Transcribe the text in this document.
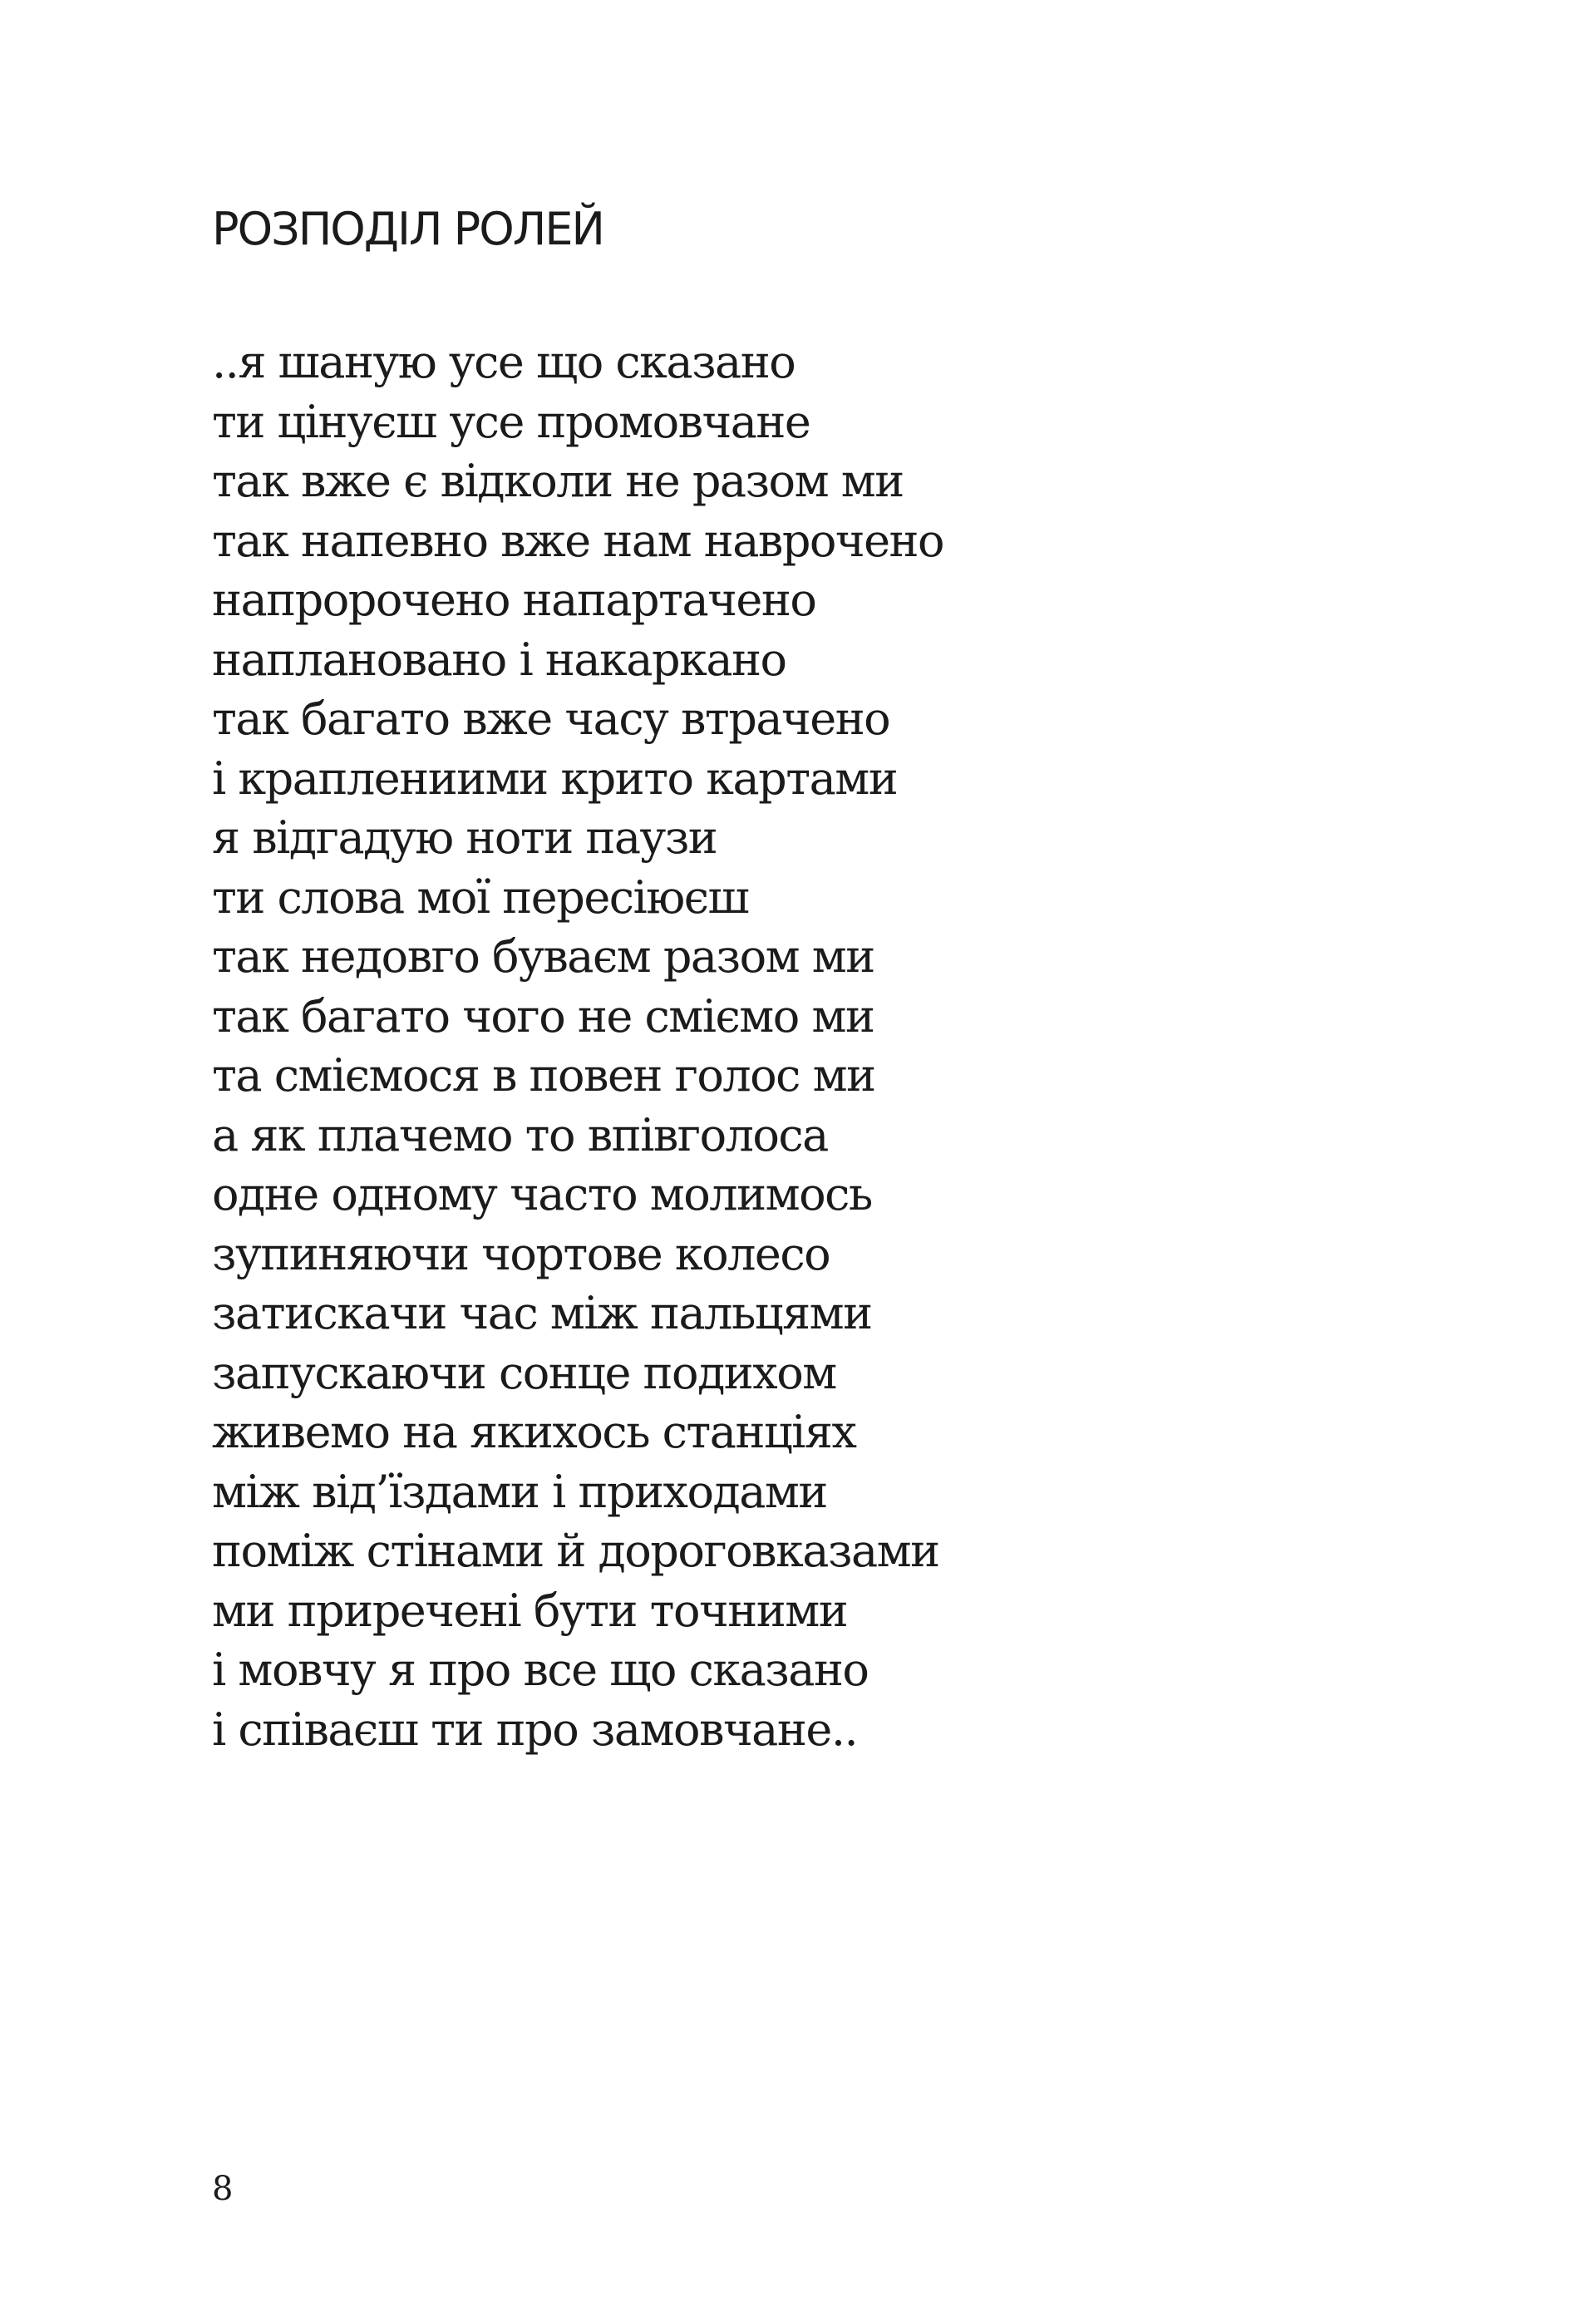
РОЗПОДІЛ РОЛЕЙ
..я шаную усе що сказано
ти цінуєш усе промовчане
так вже є відколи не разом ми
так напевно вже нам наврочено
напророчено напартачено
наплановано і накаркано
так багато вже часу втрачено
і краплениими крито картами
я відгадую ноти паузи
ти слова мої пересіюєш
так недовго буваєм разом ми
так багато чого не сміємо ми
та сміємося в повен голос ми
а як плачемо то впівголоса
одне одному часто молимось
зупиняючи чортове колесо
затискачи час між пальцями
запускаючи сонце подихом
живемо на якихось станціях
між від’їздами і приходами
поміж стінами й дороговказами
ми приречені бути точними
і мовчу я про все що сказано
і співаєш ти про замовчане..

8
